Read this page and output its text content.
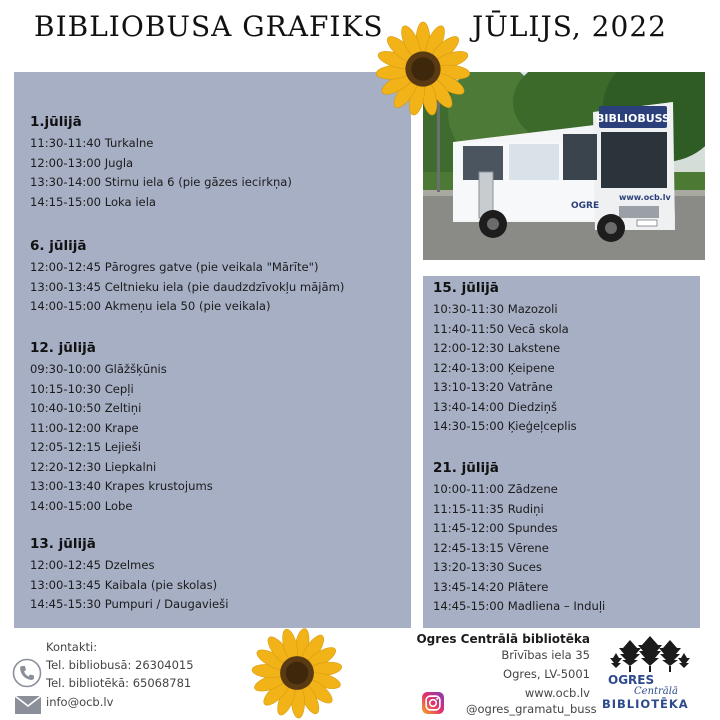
BIBLIOBUSA GRAFIKS	JŪLIJS, 2022
1.jūlijā
11:30-11:40 Turkalne
12:00-13:00 Jugla
13:30-14:00 Stirnu iela 6 (pie gāzes iecirkņa)
14:15-15:00 Loka iela
6. jūlijā
12:00-12:45 Pārogres gatve (pie veikala "Mārīte")
13:00-13:45 Celtnieku iela (pie daudzdzīvokļu mājām)
14:00-15:00 Akmeņu iela 50 (pie veikala)
12. jūlijā
09:30-10:00 Glāžšķūnis
10:15-10:30 Cepļi
10:40-10:50 Zeltiņi
11:00-12:00 Krape
12:05-12:15 Lejieši
12:20-12:30 Liepkalni
13:00-13:40 Krapes krustojums
14:00-15:00 Lobe
13. jūlijā
12:00-12:45 Dzelmes
13:00-13:45 Kaibala (pie skolas)
14:45-15:30 Pumpuri / Daugavieši
BIBLIOBUSS
www.ocb.lv
OGRE
15. jūlijā
10:30-11:30 Mazozoli
11:40-11:50 Vecā skola
12:00-12:30 Lakstene
12:40-13:00 Ķeipene
13:10-13:20 Vatrāne
13:40-14:00 Diedziņš
14:30-15:00 Ķieģeļceplis
21. jūlijā
10:00-11:00 Zādzene
11:15-11:35 Rudiņi
11:45-12:00 Spundes
12:45-13:15 Vērene
13:20-13:30 Suces
13:45-14:20 Plātere
14:45-15:00 Madliena – Induļi
Kontakti:
Tel. bibliobusā: 26304015
Tel. bibliotēkā: 65068781
info@ocb.lv
Ogres Centrālā bibliotēka
Brīvības iela 35
Ogres, LV-5001
www.ocb.lv
@ogres_gramatu_buss
OGRES
Centrālā
BIBLIOTĒKA
